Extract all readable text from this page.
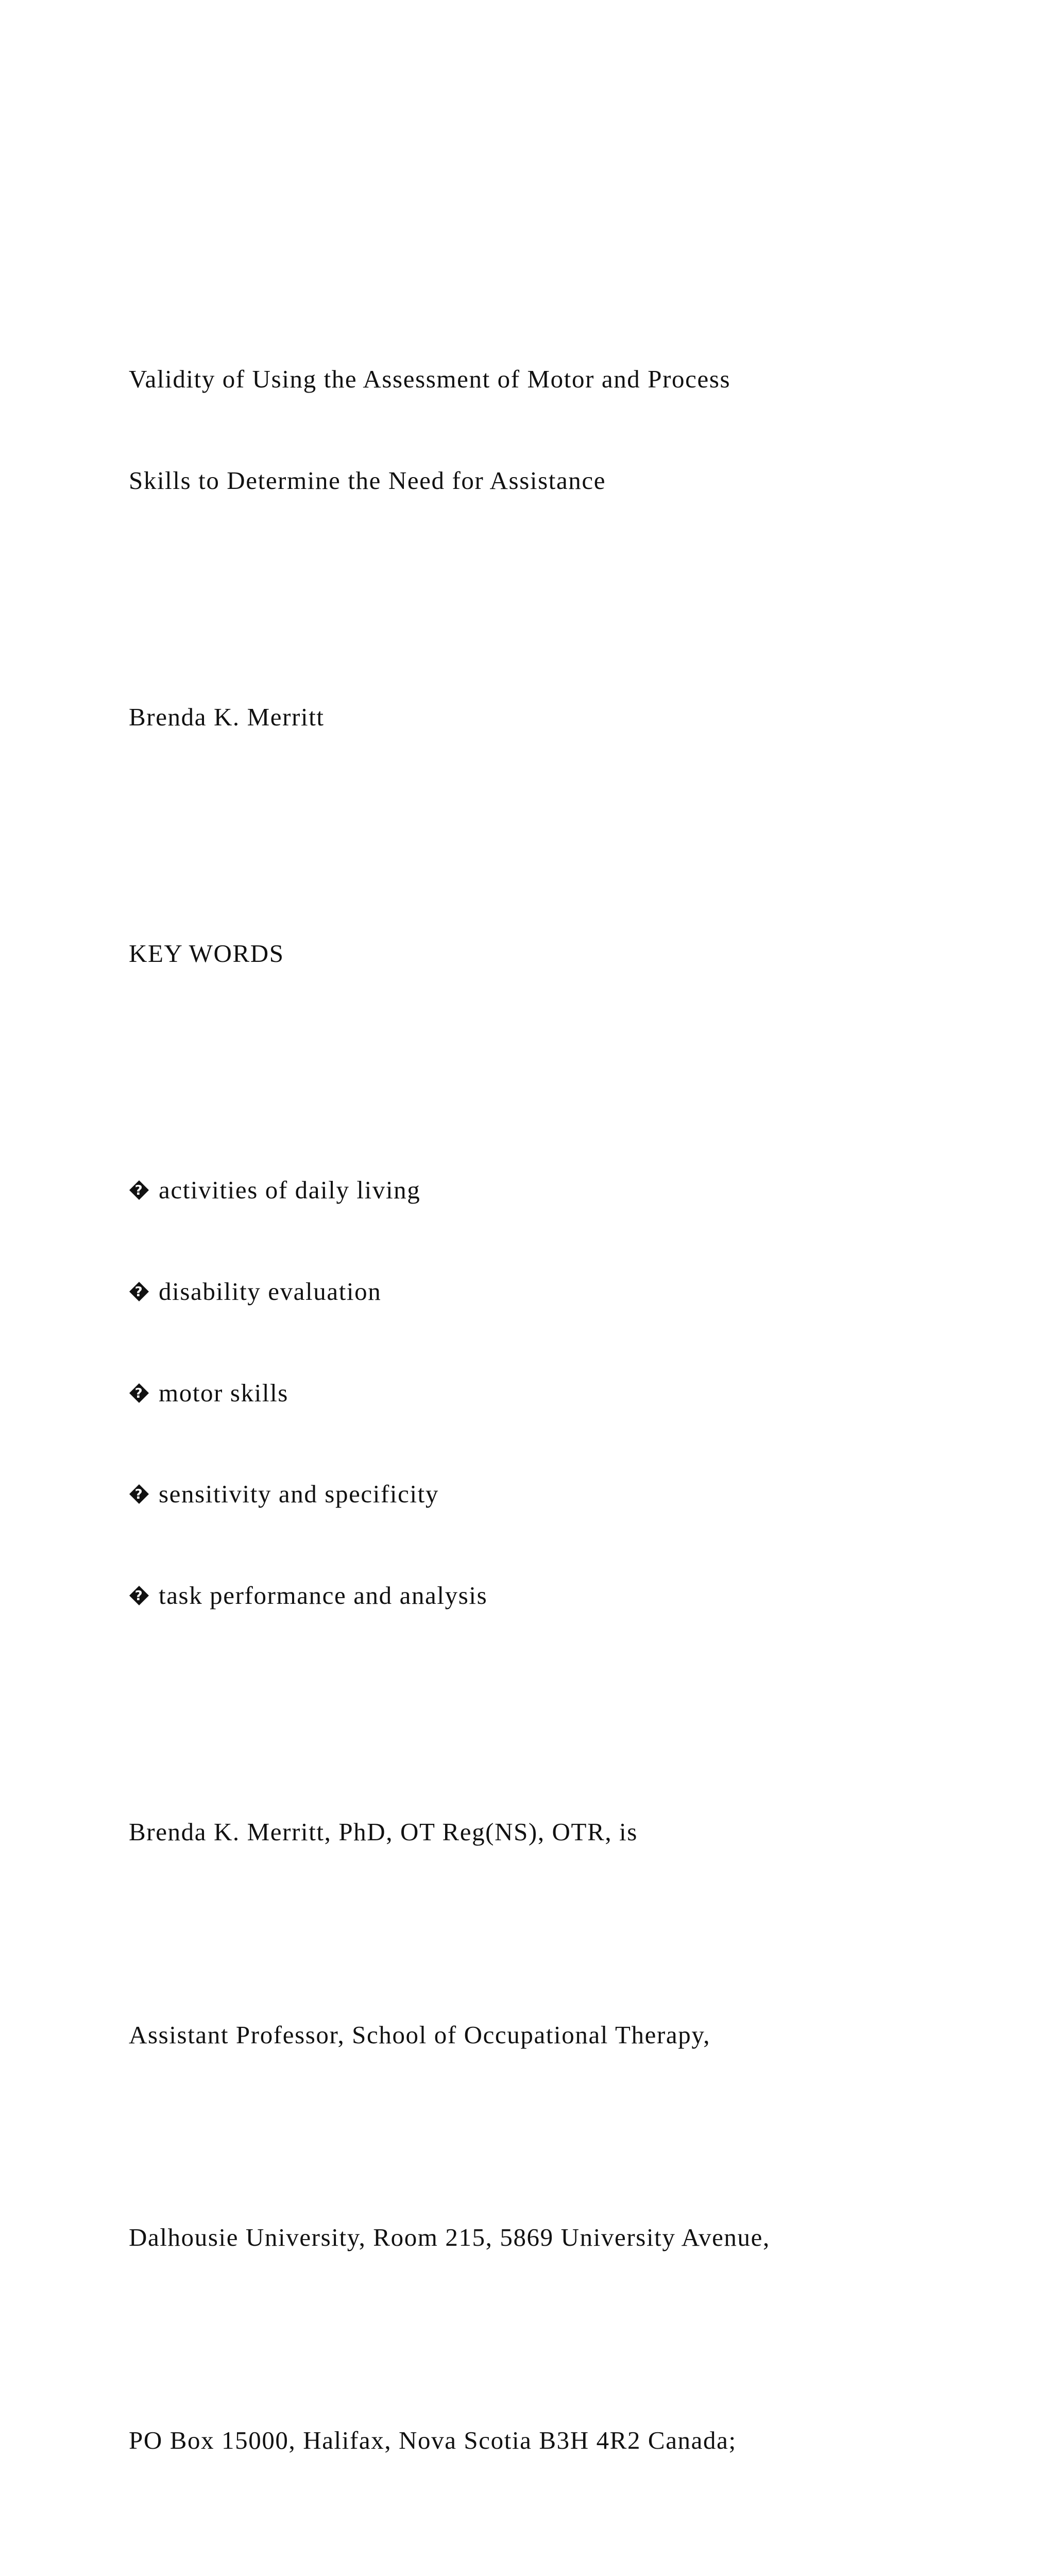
Validity of Using the Assessment of Motor and Process

Skills to Determine the Need for Assistance

Brenda K. Merritt

KEY WORDS

? activities of daily living

? disability evaluation

? motor skills

? sensitivity and specificity

? task performance and analysis

Brenda K. Merritt, PhD, OT Reg(NS), OTR, is

Assistant Professor, School of Occupational Therapy,

Dalhousie University, Room 215, 5869 University Avenue,

PO Box 15000, Halifax, Nova Scotia B3H 4R2 Canada;
